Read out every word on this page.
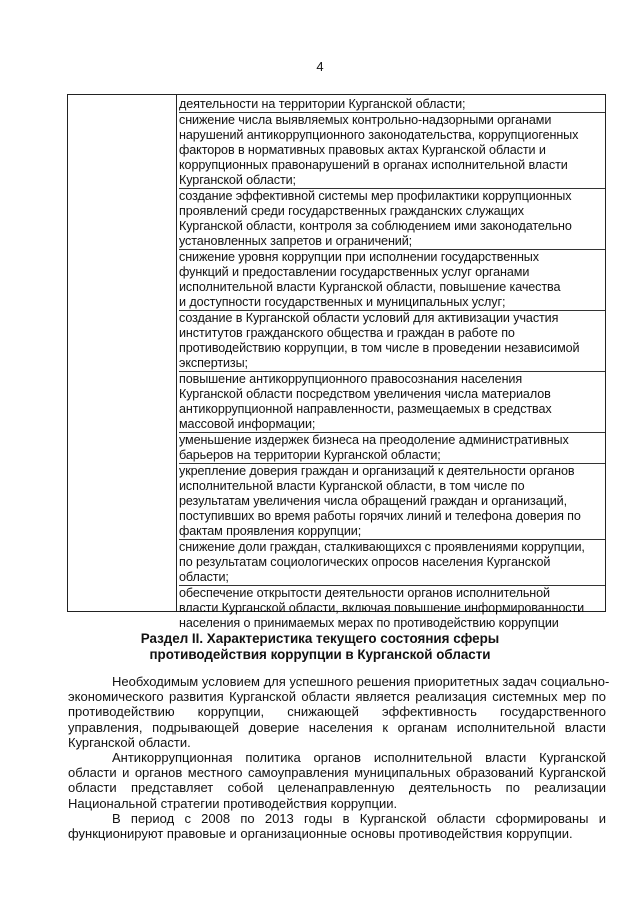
4
деятельности на территории Курганской области;
снижение числа выявляемых контрольно-надзорными органами
нарушений антикоррупционного законодательства, коррупциогенных
факторов в нормативных правовых актах Курганской области и
коррупционных правонарушений в органах исполнительной власти
Курганской области;
создание эффективной системы мер профилактики коррупционных
проявлений среди государственных гражданских служащих
Курганской области, контроля за соблюдением ими законодательно
установленных запретов и ограничений;
снижение уровня коррупции при исполнении государственных
функций и предоставлении государственных услуг органами
исполнительной власти Курганской области, повышение качества
и доступности государственных и муниципальных услуг;
создание в Курганской области условий для активизации участия
институтов гражданского общества и граждан в работе по
противодействию коррупции, в том числе в проведении независимой
экспертизы;
повышение антикоррупционного правосознания населения
Курганской области посредством увеличения числа материалов
антикоррупционной направленности, размещаемых в средствах
массовой информации;
уменьшение издержек бизнеса на преодоление административных
барьеров на территории Курганской области;
укрепление доверия граждан и организаций к деятельности органов
исполнительной власти Курганской области, в том числе по
результатам увеличения числа обращений граждан и организаций,
поступивших во время работы горячих линий и телефона доверия по
фактам проявления коррупции;
снижение доли граждан, сталкивающихся с проявлениями коррупции,
по результатам социологических опросов населения Курганской
области;
обеспечение открытости деятельности органов исполнительной
власти Курганской области, включая повышение информированности
населения о принимаемых мерах по противодействию коррупции
Раздел II. Характеристика текущего состояния сферы
противодействия коррупции в Курганской области
Необходимым условием для успешного решения приоритетных задач социально-
экономического развития Курганской области является реализация системных мер по
противодействию коррупции, снижающей эффективность государственного
управления, подрывающей доверие населения к органам исполнительной власти
Курганской области.
Антикоррупционная политика органов исполнительной власти Курганской
области и органов местного самоуправления муниципальных образований Курганской
области представляет собой целенаправленную деятельность по реализации
Национальной стратегии противодействия коррупции.
В период с 2008 по 2013 годы в Курганской области сформированы и
функционируют правовые и организационные основы противодействия коррупции.
